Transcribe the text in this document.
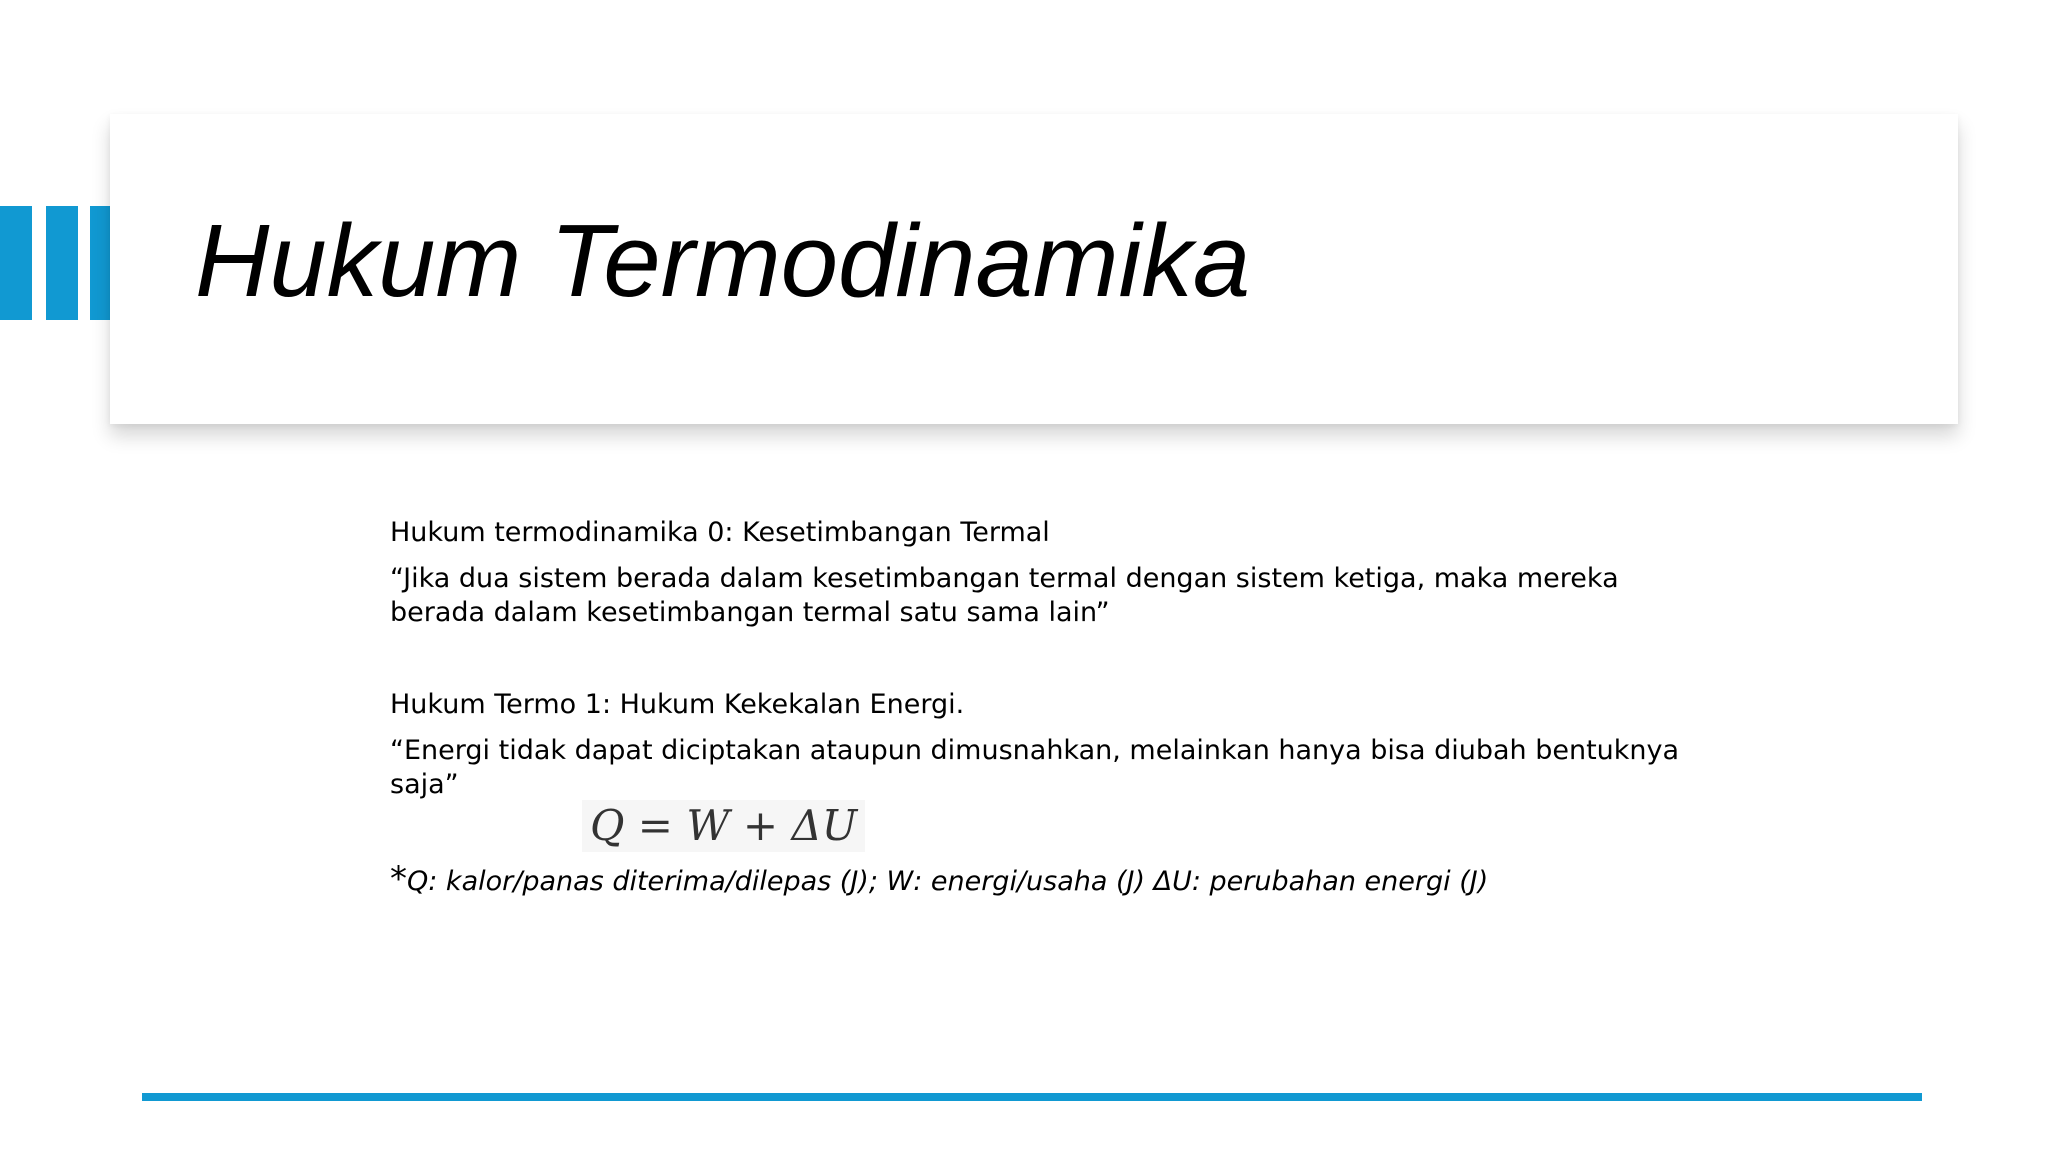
Hukum Termodinamika

Hukum termodinamika 0: Kesetimbangan Termal

“Jika dua sistem berada dalam kesetimbangan termal dengan sistem ketiga, maka mereka berada dalam kesetimbangan termal satu sama lain”

Hukum Termo 1: Hukum Kekekalan Energi.

“Energi tidak dapat diciptakan ataupun dimusnahkan, melainkan hanya bisa diubah bentuknya saja”

Q = W + ΔU

*Q: kalor/panas diterima/dilepas (J); W: energi/usaha (J) ΔU: perubahan energi (J)
